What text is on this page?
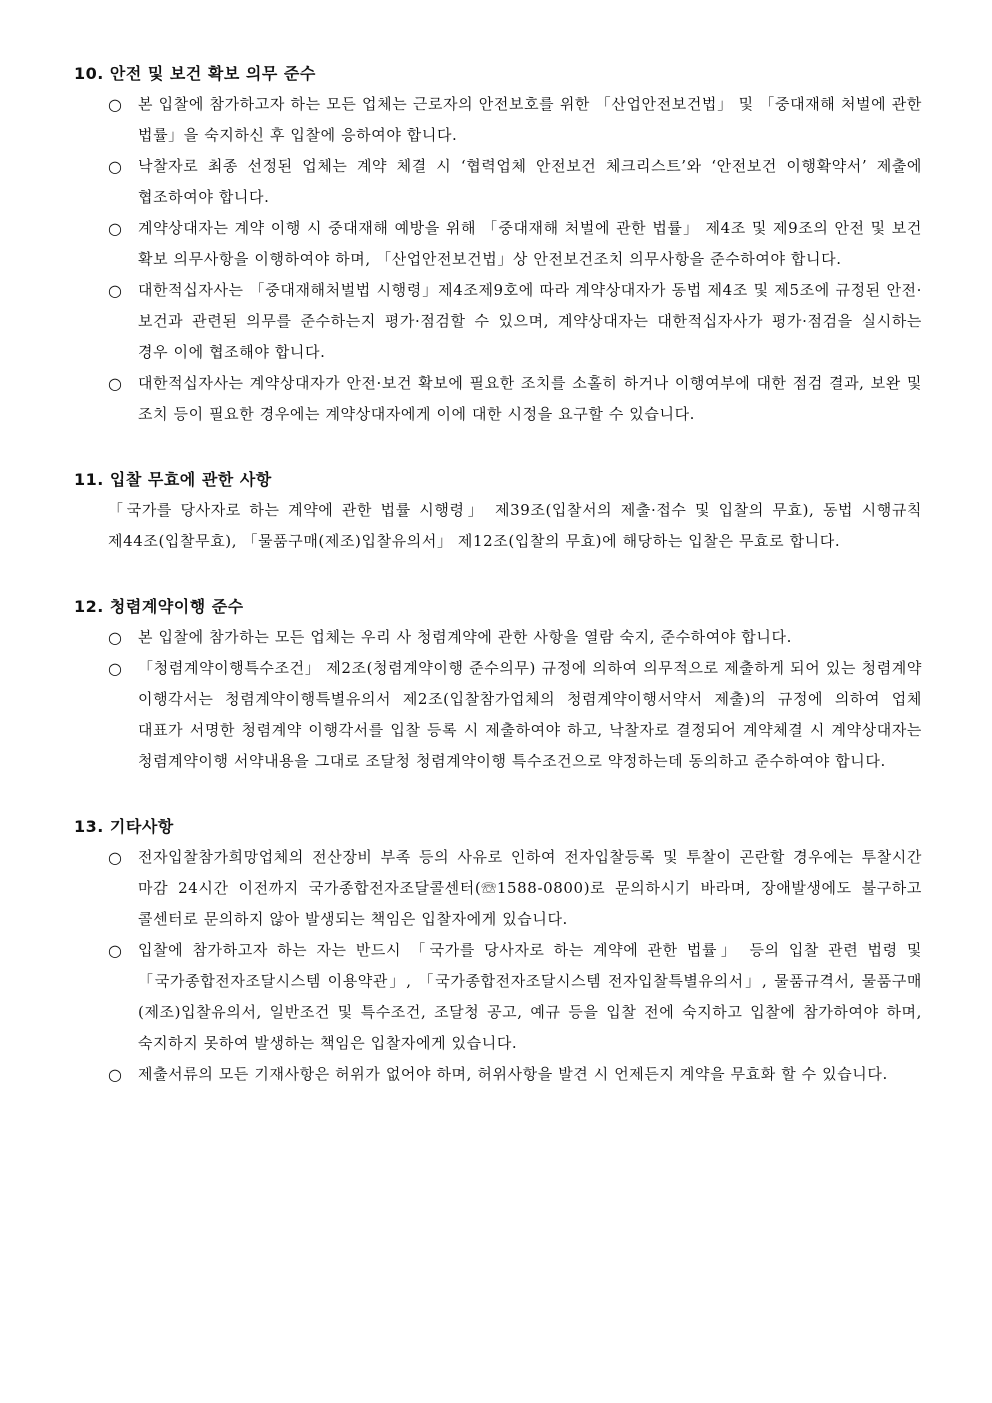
10. 안전 및 보건 확보 의무 준수
○ 본 입찰에 참가하고자 하는 모든 업체는 근로자의 안전보호를 위한 「산업안전보건법」 및 「중대재해 처벌에 관한 법률」을 숙지하신 후 입찰에 응하여야 합니다.
○ 낙찰자로 최종 선정된 업체는 계약 체결 시 ‘협력업체 안전보건 체크리스트’와 ‘안전보건 이행확약서’ 제출에 협조하여야 합니다.
○ 계약상대자는 계약 이행 시 중대재해 예방을 위해 「중대재해 처벌에 관한 법률」 제4조 및 제9조의 안전 및 보건 확보 의무사항을 이행하여야 하며, 「산업안전보건법」상 안전보건조치 의무사항을 준수하여야 합니다.
○ 대한적십자사는 「중대재해처벌법 시행령」제4조제9호에 따라 계약상대자가 동법 제4조 및 제5조에 규정된 안전·보건과 관련된 의무를 준수하는지 평가·점검할 수 있으며, 계약상대자는 대한적십자사가 평가·점검을 실시하는 경우 이에 협조해야 합니다.
○ 대한적십자사는 계약상대자가 안전·보건 확보에 필요한 조치를 소홀히 하거나 이행여부에 대한 점검 결과, 보완 및 조치 등이 필요한 경우에는 계약상대자에게 이에 대한 시정을 요구할 수 있습니다.
11. 입찰 무효에 관한 사항
「국가를 당사자로 하는 계약에 관한 법률 시행령」 제39조(입찰서의 제출·접수 및 입찰의 무효), 동법 시행규칙 제44조(입찰무효), 「물품구매(제조)입찰유의서」 제12조(입찰의 무효)에 해당하는 입찰은 무효로 합니다.
12. 청렴계약이행 준수
○ 본 입찰에 참가하는 모든 업체는 우리 사 청렴계약에 관한 사항을 열람 숙지, 준수하여야 합니다.
○ 「청렴계약이행특수조건」 제2조(청렴계약이행 준수의무) 규정에 의하여 의무적으로 제출하게 되어 있는 청렴계약 이행각서는 청렴계약이행특별유의서 제2조(입찰참가업체의 청렴계약이행서약서 제출)의 규정에 의하여 업체 대표가 서명한 청렴계약 이행각서를 입찰 등록 시 제출하여야 하고, 낙찰자로 결정되어 계약체결 시 계약상대자는 청렴계약이행 서약내용을 그대로 조달청 청렴계약이행 특수조건으로 약정하는데 동의하고 준수하여야 합니다.
13. 기타사항
○ 전자입찰참가희망업체의 전산장비 부족 등의 사유로 인하여 전자입찰등록 및 투찰이 곤란할 경우에는 투찰시간 마감 24시간 이전까지 국가종합전자조달콜센터(☏1588-0800)로 문의하시기 바라며, 장애발생에도 불구하고 콜센터로 문의하지 않아 발생되는 책임은 입찰자에게 있습니다.
○ 입찰에 참가하고자 하는 자는 반드시 「국가를 당사자로 하는 계약에 관한 법률」 등의 입찰 관련 법령 및 「국가종합전자조달시스템 이용약관」, 「국가종합전자조달시스템 전자입찰특별유의서」, 물품규격서, 물품구매(제조)입찰유의서, 일반조건 및 특수조건, 조달청 공고, 예규 등을 입찰 전에 숙지하고 입찰에 참가하여야 하며, 숙지하지 못하여 발생하는 책임은 입찰자에게 있습니다.
○ 제출서류의 모든 기재사항은 허위가 없어야 하며, 허위사항을 발견 시 언제든지 계약을 무효화 할 수 있습니다.
